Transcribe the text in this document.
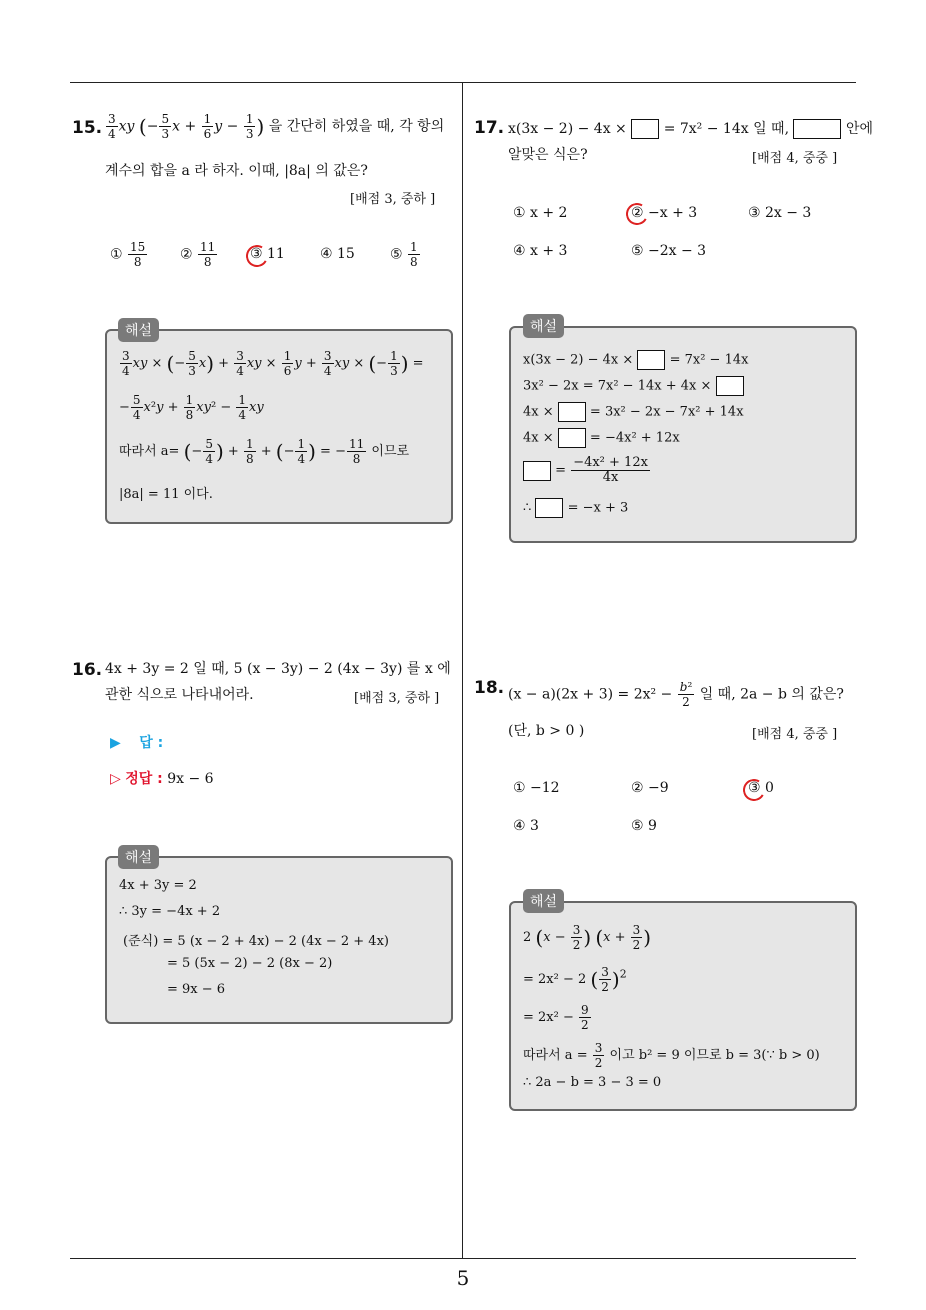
5
15. $\frac{3}{4}$ xy (− $\frac{5}{3}$ $x + \frac{1}{6}$ $y - \frac{1}{3}$ ) 을 간단히 하였을 때, 각 항의
계수의 합을 a 라 하자. 이때, |8a| 의 값은?
[배점 3, 중하 ]
① $\frac{15}{8}$ ② $\frac{11}{8}$ ③ 11	④ 15	⑤ $\frac{1}{8}$
$\frac{3}{4}$ xy × (− $\frac{5}{3} x) + \frac{3}{4}$ xy × $\frac{1}{6}$ $y + \frac{3}{4}$ xy × (− $\frac{1}{3}$ ) =
− $\frac{5}{4} x^2y + \frac{1}{8} xy^2 - \frac{1}{4}$ xy
따라서 a= (− $\frac{5}{4}$ ) + $\frac{1}{8}$ + (− $\frac{1}{4}$ ) = − $\frac{11}{8}$ 이므로
|8a| = 11 이다.
해설
16. 4x + 3y = 2 일 때, 5 (x − 3y) − 2 (4x − 3y) 를 x 에
관한 식으로 나타내어라.	[배점 3, 중하 ]
▶ 답 :
▷ 정답 : 9x − 6
4x + 3y = 2
∴ 3y = −4x + 2
(준식) = 5 (x − 2 + 4x) − 2 (4x − 2 + 4x)
= 5 (5x − 2) − 2 (8x − 2)
= 9x − 6
해설
17. x(3x − 2) − 4x ×	= 7x² − 14x 일 때,	안에
알맞은 식은?	[배점 4, 중중 ]
① x + 2	② −x + 3	③ 2x − 3
④ x + 3	⑤ −2x − 3
x(3x − 2) − 4x ×	= 7x² − 14x
3x² − 2x = 7x² − 14x + 4x ×
4x ×	= 3x² − 2x − 7x² + 14x
4x ×	= −4x² + 12x
= $\frac{\text{−4x² + 12x}}{4x}$
∴	= −x + 3
해설
18. $(x - a)(2x + 3) = 2x^2 - \frac{\text{b²}}{2}$ 일 때, 2a − b 의 값은?
(단, b > 0 )	[배점 4, 중중 ]
① −12	② −9	③ 0
④ 3	⑤ 9
2 ($x - \frac{3}{2}$ ) ($x + \frac{3}{2}$ )
= 2x² − 2 ( $\frac{3}{2} )^2$
= $2x^2 - \frac{9}{2}$
따라서 $a = \frac{3}{2}$ 이고 b² = 9 이므로 b = 3(∵ b > 0)
∴ 2a − b = 3 − 3 = 0
해설
